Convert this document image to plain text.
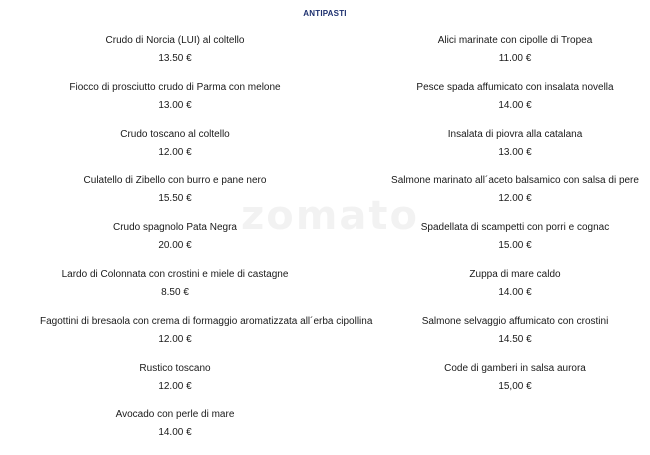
ANTIPASTI
zomato
Crudo di Norcia (LUI) al coltello
13.50 €
Fiocco di prosciutto crudo di Parma con melone
13.00 €
Crudo toscano al coltello
12.00 €
Culatello di Zibello con burro e pane nero
15.50 €
Crudo spagnolo Pata Negra
20.00 €
Lardo di Colonnata con crostini e miele di castagne
8.50 €
Fagottini di bresaola con crema di formaggio aromatizzata all´erba cipollina
12.00 €
Rustico toscano
12.00 €
Avocado con perle di mare
14.00 €
Alici marinate con cipolle di Tropea
11.00 €
Pesce spada affumicato con insalata novella
14.00 €
Insalata di piovra alla catalana
13.00 €
Salmone marinato all´aceto balsamico con salsa di pere
12.00 €
Spadellata di scampetti con porri e cognac
15.00 €
Zuppa di mare caldo
14.00 €
Salmone selvaggio affumicato con crostini
14.50 €
Code di gamberi in salsa aurora
15,00 €
